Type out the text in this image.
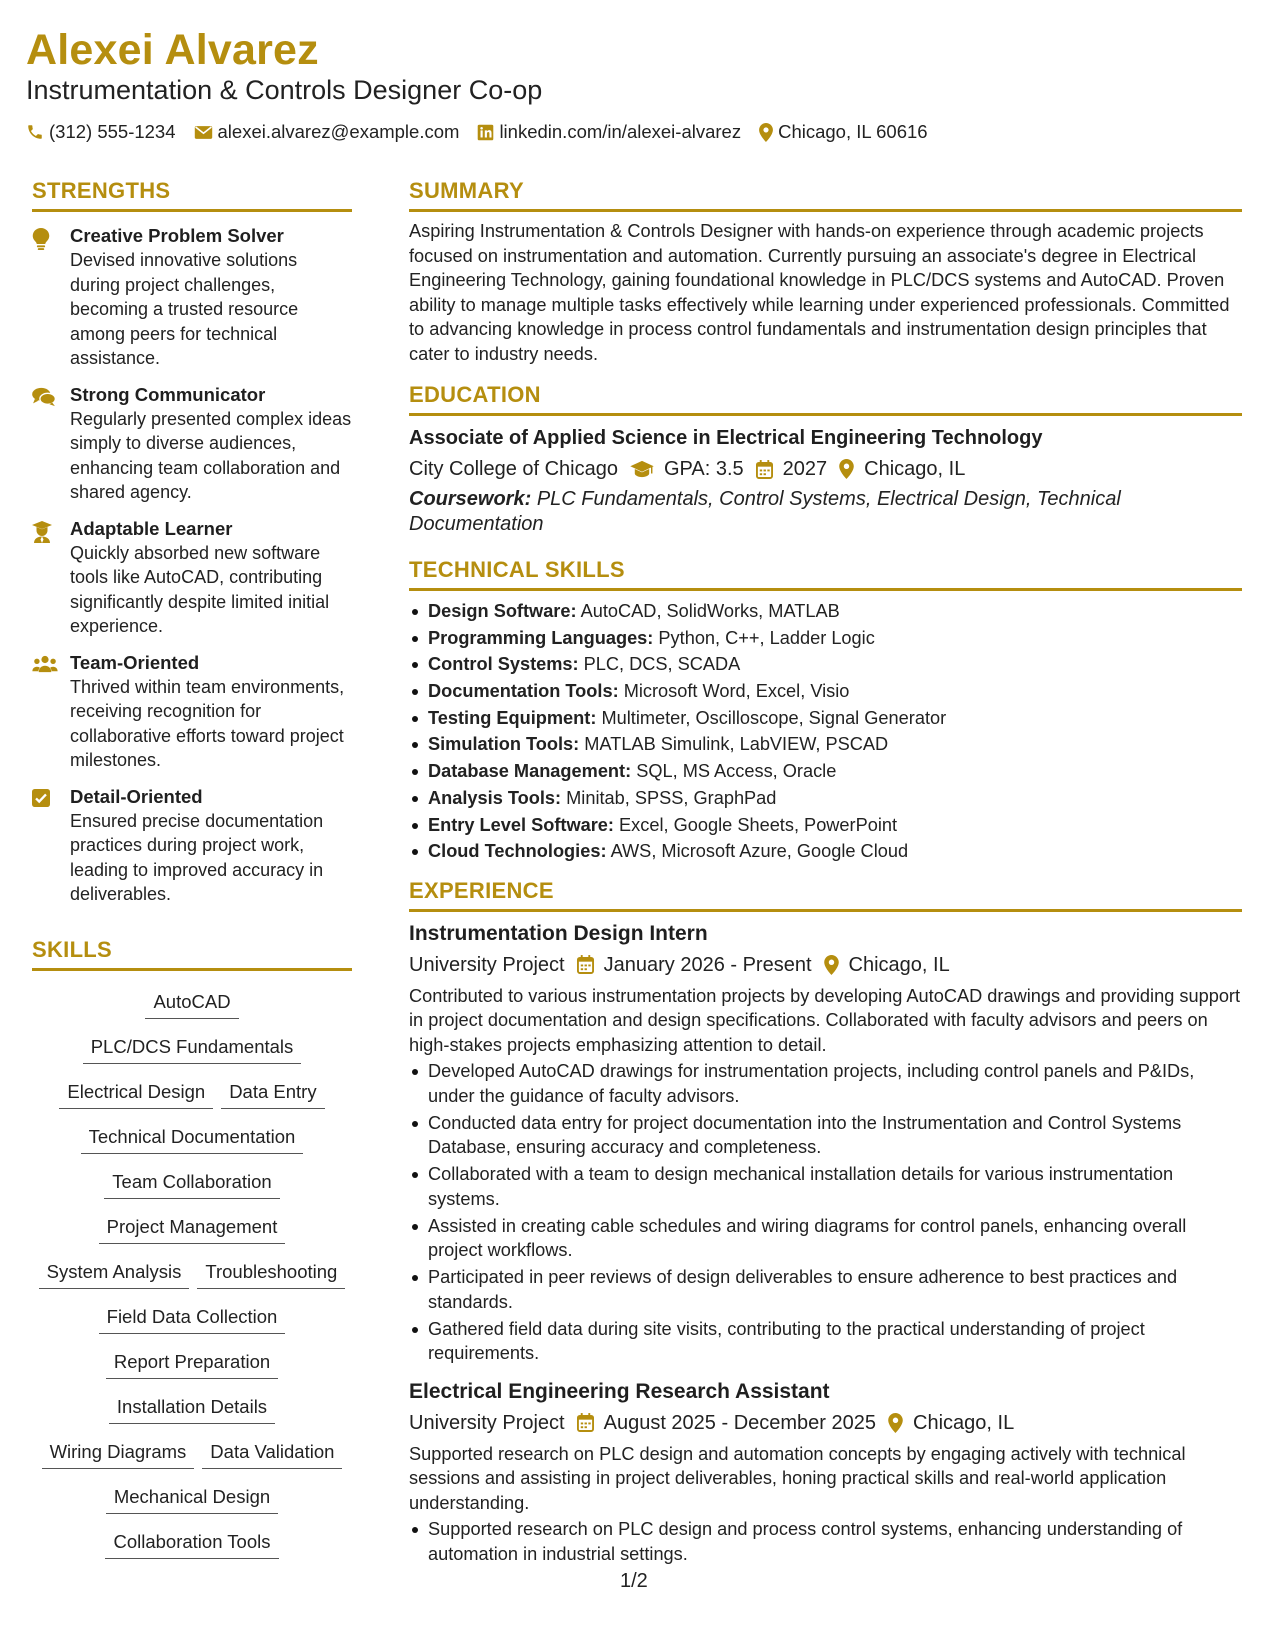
Alexei Alvarez
Instrumentation & Controls Designer Co-op
(312) 555-1234 alexei.alvarez@example.com linkedin.com/in/alexei-alvarez Chicago, IL 60616
STRENGTHS
Creative Problem Solver
Devised innovative solutions during project challenges, becoming a trusted resource among peers for technical assistance.
Strong Communicator
Regularly presented complex ideas simply to diverse audiences, enhancing team collaboration and shared agency.
Adaptable Learner
Quickly absorbed new software tools like AutoCAD, contributing significantly despite limited initial experience.
Team-Oriented
Thrived within team environments, receiving recognition for collaborative efforts toward project milestones.
Detail-Oriented
Ensured precise documentation practices during project work, leading to improved accuracy in deliverables.
SKILLS
AutoCAD
PLC/DCS Fundamentals
Electrical Design	Data Entry
Technical Documentation
Team Collaboration
Project Management
System Analysis	Troubleshooting
Field Data Collection
Report Preparation
Installation Details
Wiring Diagrams	Data Validation
Mechanical Design
Collaboration Tools
SUMMARY
Aspiring Instrumentation & Controls Designer with hands-on experience through academic projects focused on instrumentation and automation. Currently pursuing an associate's degree in Electrical Engineering Technology, gaining foundational knowledge in PLC/DCS systems and AutoCAD. Proven ability to manage multiple tasks effectively while learning under experienced professionals. Committed to advancing knowledge in process control fundamentals and instrumentation design principles that cater to industry needs.
EDUCATION
Associate of Applied Science in Electrical Engineering Technology
City College of Chicago GPA: 3.5 2027 Chicago, IL
Coursework: PLC Fundamentals, Control Systems, Electrical Design, Technical Documentation
TECHNICAL SKILLS
Design Software: AutoCAD, SolidWorks, MATLAB
Programming Languages: Python, C++, Ladder Logic
Control Systems: PLC, DCS, SCADA
Documentation Tools: Microsoft Word, Excel, Visio
Testing Equipment: Multimeter, Oscilloscope, Signal Generator
Simulation Tools: MATLAB Simulink, LabVIEW, PSCAD
Database Management: SQL, MS Access, Oracle
Analysis Tools: Minitab, SPSS, GraphPad
Entry Level Software: Excel, Google Sheets, PowerPoint
Cloud Technologies: AWS, Microsoft Azure, Google Cloud
EXPERIENCE
Instrumentation Design Intern
University Project January 2026 - Present Chicago, IL
Contributed to various instrumentation projects by developing AutoCAD drawings and providing support in project documentation and design specifications. Collaborated with faculty advisors and peers on high-stakes projects emphasizing attention to detail.
Developed AutoCAD drawings for instrumentation projects, including control panels and P&IDs, under the guidance of faculty advisors.
Conducted data entry for project documentation into the Instrumentation and Control Systems Database, ensuring accuracy and completeness.
Collaborated with a team to design mechanical installation details for various instrumentation systems.
Assisted in creating cable schedules and wiring diagrams for control panels, enhancing overall project workflows.
Participated in peer reviews of design deliverables to ensure adherence to best practices and standards.
Gathered field data during site visits, contributing to the practical understanding of project requirements.
Electrical Engineering Research Assistant
University Project August 2025 - December 2025 Chicago, IL
Supported research on PLC design and automation concepts by engaging actively with technical sessions and assisting in project deliverables, honing practical skills and real-world application understanding.
Supported research on PLC design and process control systems, enhancing understanding of automation in industrial settings.
1/2
